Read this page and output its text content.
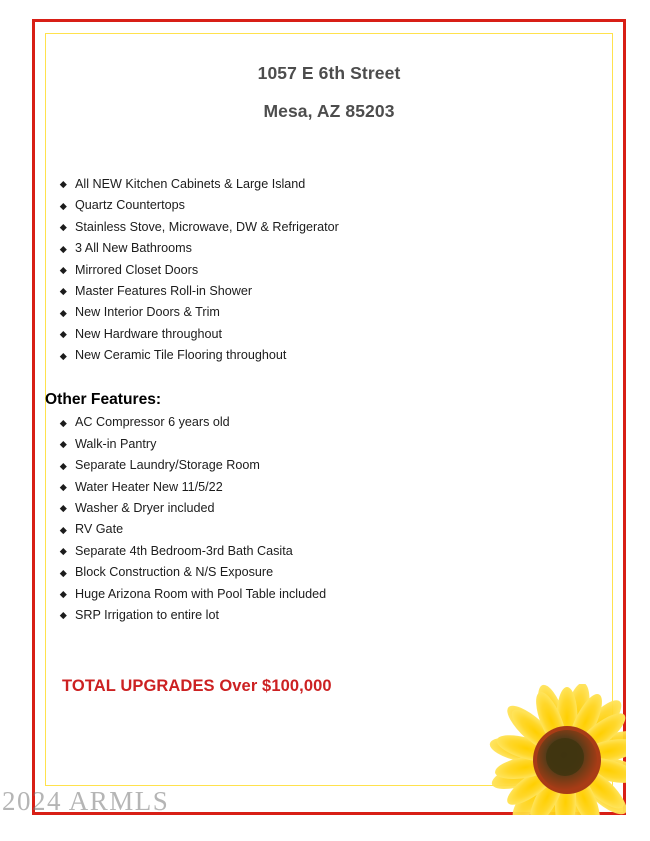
1057 E 6th Street
Mesa, AZ 85203
All NEW Kitchen Cabinets & Large Island
Quartz Countertops
Stainless Stove, Microwave, DW & Refrigerator
3 All New Bathrooms
Mirrored Closet Doors
Master Features Roll-in Shower
New Interior Doors & Trim
New Hardware throughout
New Ceramic Tile Flooring throughout
Other Features:
AC Compressor 6 years old
Walk-in Pantry
Separate Laundry/Storage Room
Water Heater New 11/5/22
Washer & Dryer included
RV Gate
Separate 4th Bedroom-3rd Bath Casita
Block Construction & N/S Exposure
Huge Arizona Room with Pool Table included
SRP Irrigation to entire lot
TOTAL UPGRADES Over $100,000
2024 ARMLS
